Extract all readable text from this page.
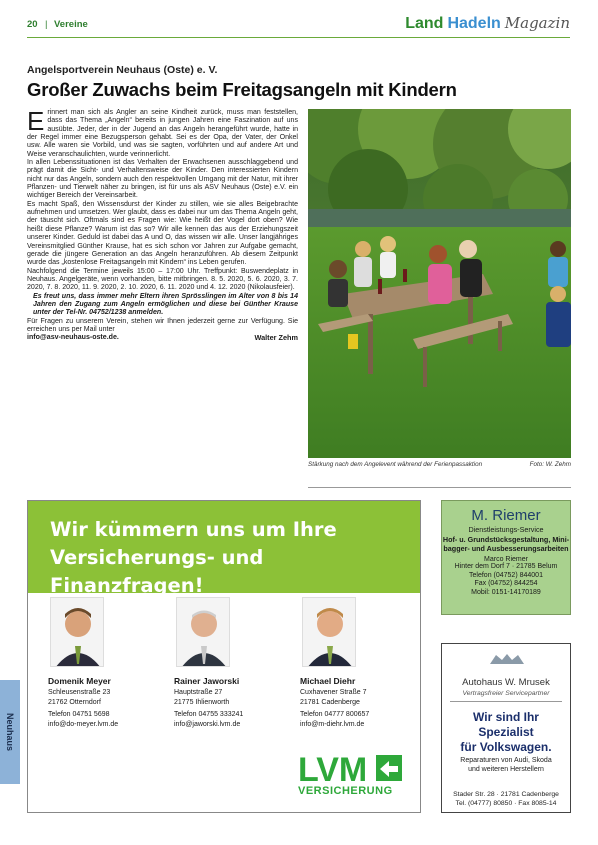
20 | Vereine	Land Hadeln Magazin
Angelsportverein Neuhaus (Oste) e. V.
Großer Zuwachs beim Freitagsangeln mit Kindern
E rinnert man sich als Angler an seine Kindheit zurück, muss man feststellen, dass das Thema „Angeln“ bereits in jungen Jahren eine Faszination auf uns ausübte. Jeder, der in der Jugend an das Angeln herangeführt wurde, hatte in der Regel immer eine Bezugsperson gehabt. Sei es der Opa, der Vater, der Onkel usw. Alle waren sie Vorbild, und was sie sagten, vorführten und auf andere Art und Weise veranschaulichten, wurde verinnerlicht.

In allen Lebenssituationen ist das Verhalten der Erwachsenen ausschlaggebend und prägt damit die Sicht- und Verhaltensweise der Kinder. Den interessierten Kindern nicht nur das Angeln, sondern auch den respektvollen Umgang mit der Natur, mit ihrer Pflanzen- und Tierwelt näher zu bringen, ist für uns als ASV Neuhaus (Oste) e.V. ein wichtiger Bereich der Vereinsarbeit.

Es macht Spaß, den Wissensdurst der Kinder zu stillen, wie sie alles Beigebrachte aufnehmen und umsetzen. Wer glaubt, dass es dabei nur um das Thema Angeln geht, der täuscht sich. Oftmals sind es Fragen wie: Wie heißt der Vogel dort oben? Wie heißt diese Pflanze? Warum ist das so? Wir alle kennen das aus der Erziehungszeit unserer Kinder. Geduld ist dabei das A und O, das wissen wir alle. Unser langjähriges Vereinsmitglied Günther Krause, hat es sich schon vor Jahren zur Aufgabe gemacht, gerade die jüngere Generation an das Angeln heranzuführen. Ab diesem Zeitpunkt wurde das „kostenlose Freitagsangeln mit Kindern“ ins Leben gerufen.

Nachfolgend die Termine jeweils 15:00 – 17:00 Uhr. Treffpunkt: Buswendeplatz in Neuhaus. Angelgeräte, wenn vorhanden, bitte mitbringen. 8. 5. 2020, 5. 6. 2020, 3. 7. 2020, 7. 8. 2020, 11. 9. 2020, 2. 10. 2020, 6. 11. 2020 und 4. 12. 2020 (Nikolausfeier).

Es freut uns, dass immer mehr Eltern ihren Sprösslingen im Alter von 8 bis 14 Jahren den Zugang zum Angeln ermöglichen und diese bei Günther Krause unter der Tel-Nr. 04752/1238 anmelden.

Für Fragen zu unserem Verein, stehen wir Ihnen jederzeit gerne zur Verfügung. Sie erreichen uns per Mail unter

info@asv-neuhaus-oste.de.	Walter Zehm

Stärkung nach dem Angelevent während der Ferienpassaktion	Foto: W. Zehm
Wir kümmern uns um Ihre
Versicherungs- und Finanzfragen!
Domenik Meyer
Schleusenstraße 23
21762 Otterndorf
Telefon 04751 5698
info@do-meyer.lvm.de
Rainer Jaworski
Hauptstraße 27
21775 Ihlienworth
Telefon 04755 333241
info@jaworski.lvm.de
Michael Diehr
Cuxhavener Straße 7
21781 Cadenberge
Telefon 04777 800657
info@m-diehr.lvm.de
LVM
VERSICHERUNG
M. Riemer
Dienstleistungs-Service
Hof- u. Grundstücksgestaltung, Mini-
bagger- und Ausbesserungsarbeiten
Marco Riemer
Hinter dem Dorf 7 · 21785 Belum
Telefon (04752) 844001
Fax (04752) 844254
Mobil: 0151-14170189
Autohaus W. Mrusek
Vertragsfreier Servicepartner
Wir sind Ihr
Spezialist
für Volkswagen.
Reparaturen von Audi, Skoda
und weiteren Herstellern
Stader Str. 28 · 21781 Cadenberge
Tel. (04777) 80850 · Fax 8085-14
Neuhaus
